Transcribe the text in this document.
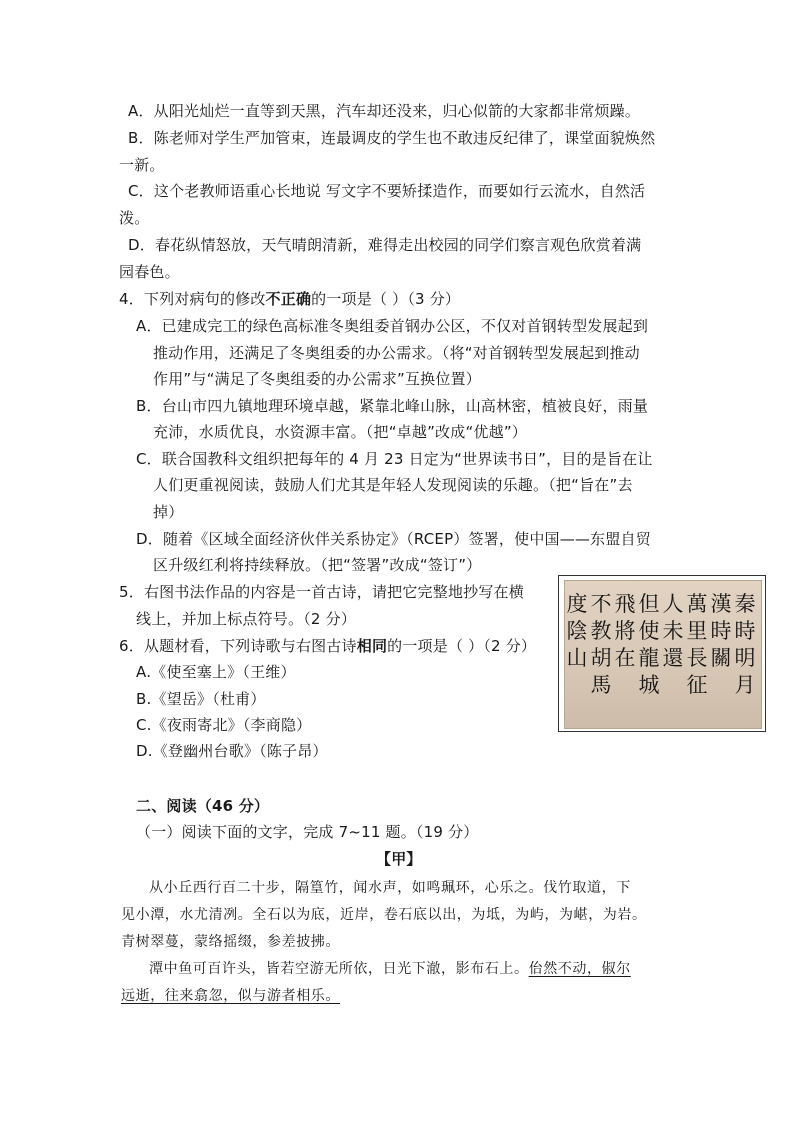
A．从阳光灿烂一直等到天黑，汽车却还没来，归心似箭的大家都非常烦躁。
B．陈老师对学生严加管束，连最调皮的学生也不敢违反纪律了，课堂面貌焕然
一新。
C．这个老教师语重心长地说 写文字不要矫揉造作，而要如行云流水，自然活
泼。
D．春花纵情怒放，天气晴朗清新，难得走出校园的同学们察言观色欣赏着满
园春色。
4．下列对病句的修改不正确的一项是（ ）（3 分）
A．已建成完工的绿色高标准冬奥组委首钢办公区，不仅对首钢转型发展起到
推动作用，还满足了冬奥组委的办公需求。（将“对首钢转型发展起到推动
作用”与“满足了冬奥组委的办公需求”互换位置）
B．台山市四九镇地理环境卓越，紧靠北峰山脉，山高林密，植被良好，雨量
充沛，水质优良，水资源丰富。（把“卓越”改成“优越”）
C．联合国教科文组织把每年的 4 月 23 日定为“世界读书日”，目的是旨在让
人们更重视阅读，鼓励人们尤其是年轻人发现阅读的乐趣。（把“旨在”去
掉）
D．随着《区域全面经济伙伴关系协定》（RCEP）签署，使中国——东盟自贸
区升级红利将持续释放。（把“签署”改成“签订”）
5．右图书法作品的内容是一首古诗，请把它完整地抄写在横
线上，并加上标点符号。（2 分）
6．从题材看，下列诗歌与右图古诗相同的一项是（ ）（2 分）
A.《使至塞上》（王维）
B.《望岳》（杜甫）
C.《夜雨寄北》（李商隐）
D.《登幽州台歌》（陈子昂）
秦時明月
漢時關
萬里長征
人未還
但使龍城
飛將在
不教胡馬
度陰山
二、阅读（46 分）
（一）阅读下面的文字，完成 7~11 题。（19 分）
【甲】
从小丘西行百二十步，隔篁竹，闻水声，如鸣珮环，心乐之。伐竹取道，下
见小潭，水尤清冽。全石以为底，近岸，卷石底以出，为坻，为屿，为嵁，为岩。
青树翠蔓，蒙络摇缀，参差披拂。
潭中鱼可百许头，皆若空游无所依，日光下澈，影布石上。佁然不动，俶尔
远逝，往来翕忽，似与游者相乐。
